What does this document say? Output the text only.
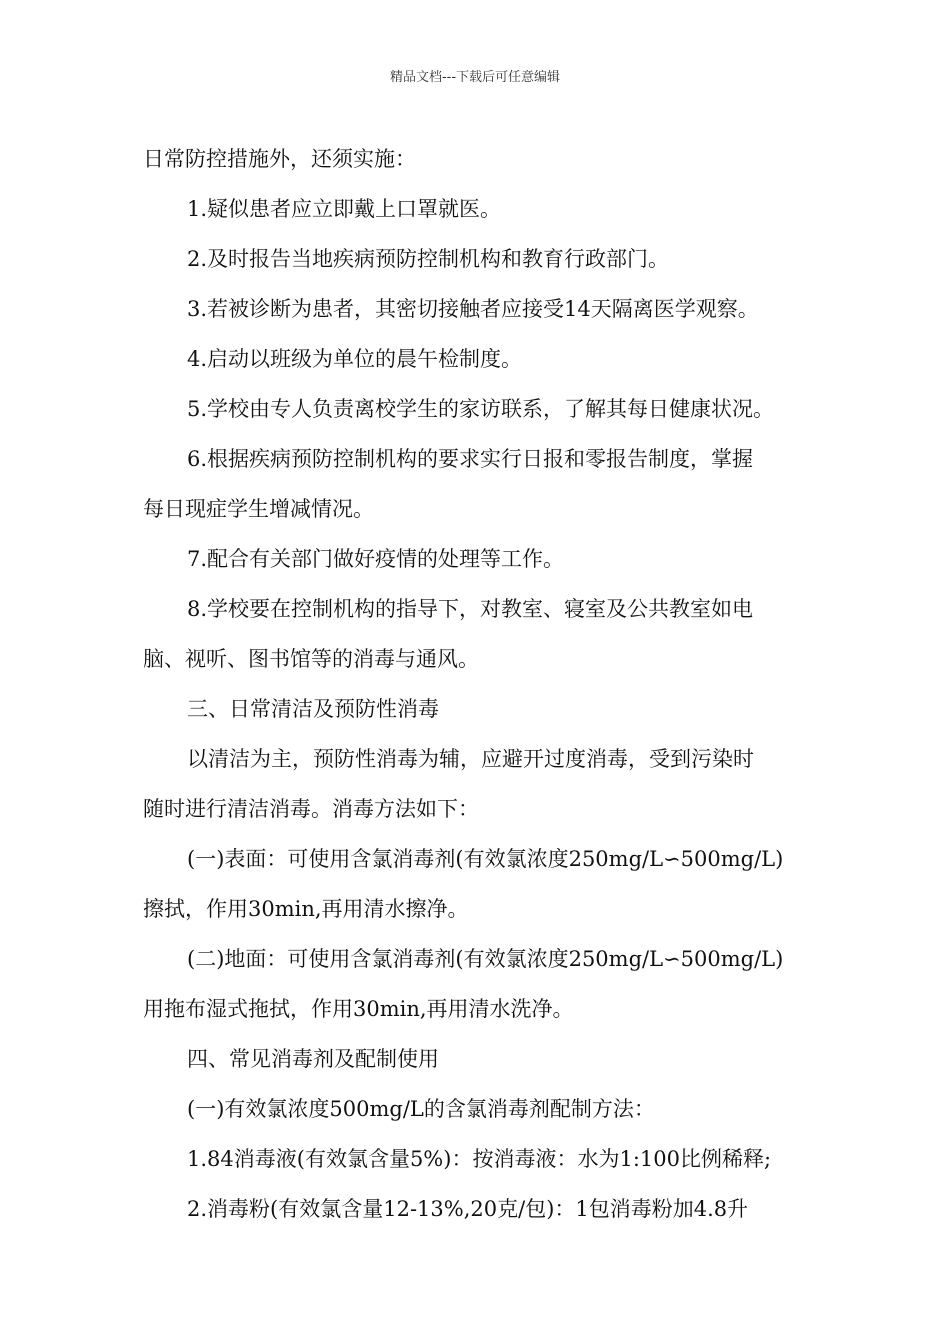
精品文档---下载后可任意编辑
日常防控措施外，还须实施：
1.疑似患者应立即戴上口罩就医。
2.及时报告当地疾病预防控制机构和教育行政部门。
3.若被诊断为患者，其密切接触者应接受14天隔离医学观察。
4.启动以班级为单位的晨午检制度。
5.学校由专人负责离校学生的家访联系，了解其每日健康状况。
6.根据疾病预防控制机构的要求实行日报和零报告制度，掌握
每日现症学生增减情况。
7.配合有关部门做好疫情的处理等工作。
8.学校要在控制机构的指导下，对教室、寝室及公共教室如电
脑、视听、图书馆等的消毒与通风。
三、日常清洁及预防性消毒
以清洁为主，预防性消毒为辅，应避开过度消毒，受到污染时
随时进行清洁消毒。消毒方法如下：
(一)表面：可使用含氯消毒剂(有效氯浓度250mg/L∽500mg/L)
擦拭，作用30min,再用清水擦净。
(二)地面：可使用含氯消毒剂(有效氯浓度250mg/L∽500mg/L)
用拖布湿式拖拭，作用30min,再用清水洗净。
四、常见消毒剂及配制使用
(一)有效氯浓度500mg/L的含氯消毒剂配制方法：
1.84消毒液(有效氯含量5%)：按消毒液：水为1:100比例稀释;
2.消毒粉(有效氯含量12-13%,20克/包)：1包消毒粉加4.8升
